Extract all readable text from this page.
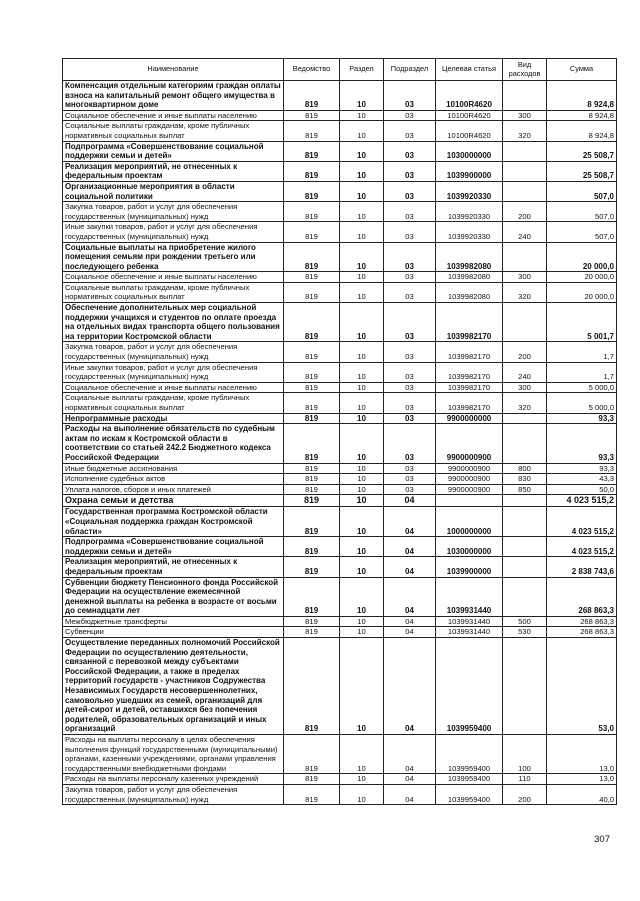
Наименование	Ведомство	Раздел	Подраздел	Целевая статья	Вид расходов	Сумма
Компенсация отдельным категориям граждан оплаты взноса на капитальный ремонт общего имущества в многоквартирном доме	819	10	03	10100R4620		8 924,8
Социальное обеспечение и иные выплаты населению	819	10	03	10100R4620	300	8 924,8
Социальные выплаты гражданам, кроме публичных нормативных социальных выплат	819	10	03	10100R4620	320	8 924,8
Подпрограмма «Совершенствование социальной поддержки семьи и детей»	819	10	03	1030000000		25 508,7
Реализация мероприятий, не отнесенных к федеральным проектам	819	10	03	1039900000		25 508,7
Организационные мероприятия в области социальной политики	819	10	03	1039920330		507,0
Закупка товаров, работ и услуг для обеспечения государственных (муниципальных) нужд	819	10	03	1039920330	200	507,0
Иные закупки товаров, работ и услуг для обеспечения государственных (муниципальных) нужд	819	10	03	1039920330	240	507,0
Социальные выплаты на приобретение жилого помещения семьям при рождении третьего или последующего ребенка	819	10	03	1039982080		20 000,0
Социальное обеспечение и иные выплаты населению	819	10	03	1039982080	300	20 000,0
Социальные выплаты гражданам, кроме публичных нормативных социальных выплат	819	10	03	1039982080	320	20 000,0
Обеспечение дополнительных мер социальной поддержки учащихся и студентов по оплате проезда на отдельных видах транспорта общего пользования на территории Костромской области	819	10	03	1039982170		5 001,7
Закупка товаров, работ и услуг для обеспечения государственных (муниципальных) нужд	819	10	03	1039982170	200	1,7
Иные закупки товаров, работ и услуг для обеспечения государственных (муниципальных) нужд	819	10	03	1039982170	240	1,7
Социальное обеспечение и иные выплаты населению	819	10	03	1039982170	300	5 000,0
Социальные выплаты гражданам, кроме публичных нормативных социальных выплат	819	10	03	1039982170	320	5 000,0
Непрограммные расходы	819	10	03	9900000000		93,3
Расходы на выполнение обязательств по судебным актам по искам к Костромской области в соответствии со статьей 242.2 Бюджетного кодекса Российской Федерации	819	10	03	9900000900		93,3
Иные бюджетные ассигнования	819	10	03	9900000900	800	93,3
Исполнение судебных актов	819	10	03	9900000900	830	43,3
Уплата налогов, сборов и иных платежей	819	10	03	9900000900	850	50,0
Охрана семьи и детства	819	10	04			4 023 515,2
Государственная программа Костромской области «Социальная поддержка граждан Костромской области»	819	10	04	1000000000		4 023 515,2
Подпрограмма «Совершенствование социальной поддержки семьи и детей»	819	10	04	1030000000		4 023 515,2
Реализация мероприятий, не отнесенных к федеральным проектам	819	10	04	1039900000		2 838 743,6
Субвенции бюджету Пенсионного фонда Российской Федерации на осуществление ежемесячной денежной выплаты на ребенка в возрасте от восьми до семнадцати лет	819	10	04	1039931440		268 863,3
Межбюджетные трансферты	819	10	04	1039931440	500	268 863,3
Субвенции	819	10	04	1039931440	530	268 863,3
Осуществление переданных полномочий Российской Федерации по осуществлению деятельности, связанной с перевозкой между субъектами Российской Федерации, а также в пределах территорий государств - участников Содружества Независимых Государств несовершеннолетних, самовольно ушедших из семей, организаций для детей-сирот и детей, оставшихся без попечения родителей, образовательных организаций и иных организаций	819	10	04	1039959400		53,0
Расходы на выплаты персоналу в целях обеспечения выполнения функций государственными (муниципальными) органами, казенными учреждениями, органами управления государственными внебюджетными фондами	819	10	04	1039959400	100	13,0
Расходы на выплаты персоналу казенных учреждений	819	10	04	1039959400	110	13,0
Закупка товаров, работ и услуг для обеспечения государственных (муниципальных) нужд	819	10	04	1039959400	200	40,0
307
